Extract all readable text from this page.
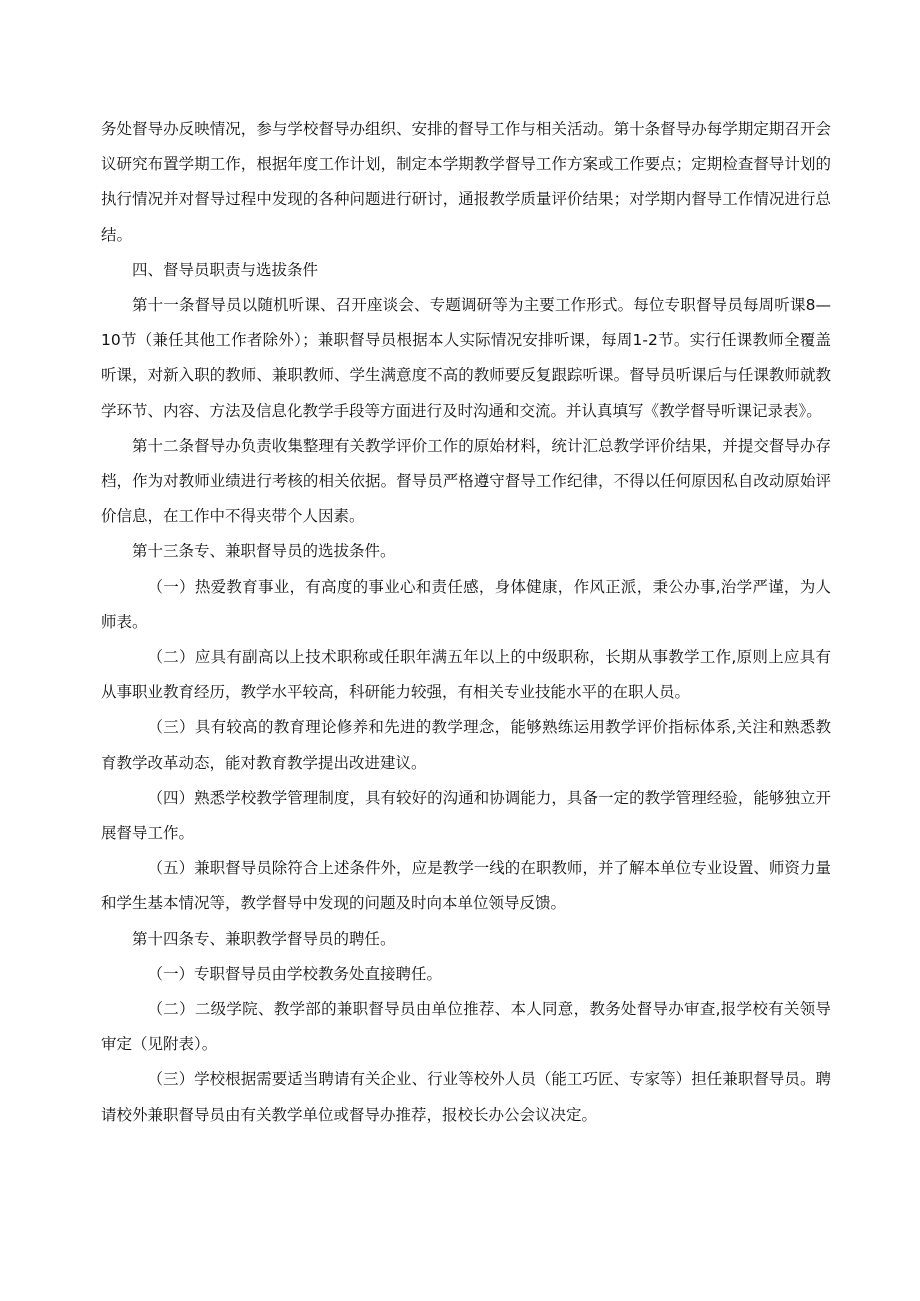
务处督导办反映情况，参与学校督导办组织、安排的督导工作与相关活动。第十条督导办每学期定期召开会议研究布置学期工作，根据年度工作计划，制定本学期教学督导工作方案或工作要点；定期检查督导计划的执行情况并对督导过程中发现的各种问题进行研讨，通报教学质量评价结果；对学期内督导工作情况进行总结。

四、督导员职责与选拔条件

第十一条督导员以随机听课、召开座谈会、专题调研等为主要工作形式。每位专职督导员每周听课8—10节（兼任其他工作者除外）；兼职督导员根据本人实际情况安排听课，每周1-2节。实行任课教师全覆盖听课，对新入职的教师、兼职教师、学生满意度不高的教师要反复跟踪听课。督导员听课后与任课教师就教学环节、内容、方法及信息化教学手段等方面进行及时沟通和交流。并认真填写《教学督导听课记录表》。

第十二条督导办负责收集整理有关教学评价工作的原始材料，统计汇总教学评价结果，并提交督导办存档，作为对教师业绩进行考核的相关依据。督导员严格遵守督导工作纪律，不得以任何原因私自改动原始评价信息，在工作中不得夹带个人因素。

第十三条专、兼职督导员的选拔条件。

（一）热爱教育事业，有高度的事业心和责任感，身体健康，作风正派，秉公办事,治学严谨，为人师表。

（二）应具有副高以上技术职称或任职年满五年以上的中级职称，长期从事教学工作,原则上应具有从事职业教育经历，教学水平较高，科研能力较强，有相关专业技能水平的在职人员。

（三）具有较高的教育理论修养和先进的教学理念，能够熟练运用教学评价指标体系,关注和熟悉教育教学改革动态，能对教育教学提出改进建议。

（四）熟悉学校教学管理制度，具有较好的沟通和协调能力，具备一定的教学管理经验，能够独立开展督导工作。

（五）兼职督导员除符合上述条件外，应是教学一线的在职教师，并了解本单位专业设置、师资力量和学生基本情况等，教学督导中发现的问题及时向本单位领导反馈。

第十四条专、兼职教学督导员的聘任。

（一）专职督导员由学校教务处直接聘任。

（二）二级学院、教学部的兼职督导员由单位推荐、本人同意，教务处督导办审查,报学校有关领导审定（见附表）。

（三）学校根据需要适当聘请有关企业、行业等校外人员（能工巧匠、专家等）担任兼职督导员。聘请校外兼职督导员由有关教学单位或督导办推荐，报校长办公会议决定。
